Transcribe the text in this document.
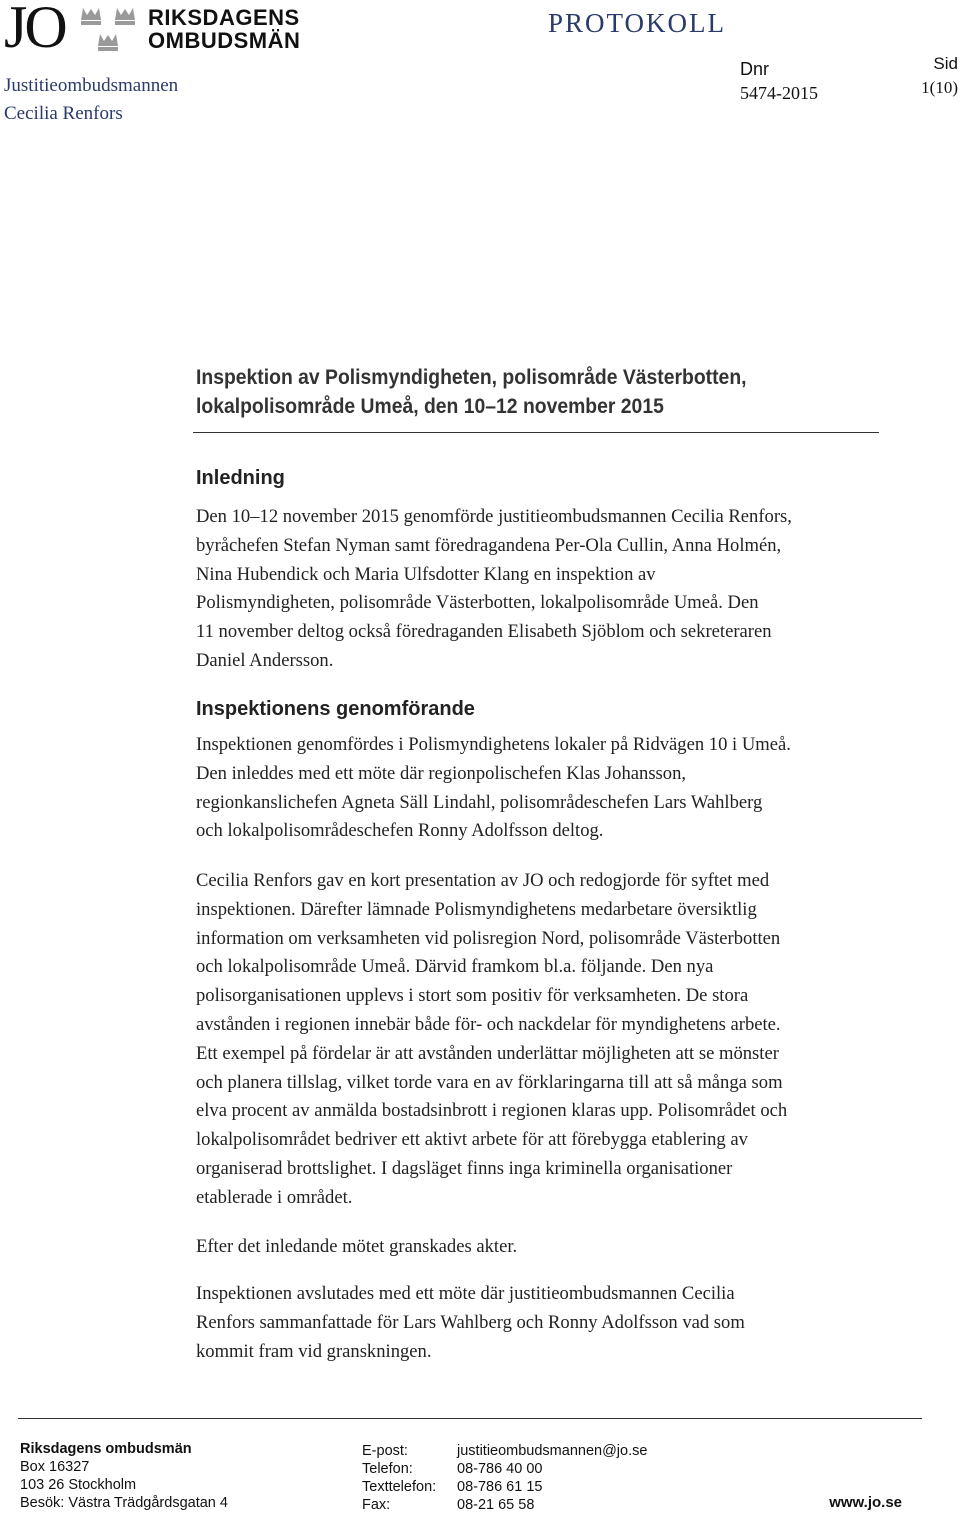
JO	RIKSDAGENS
OMBUDSMÄN
Justitieombudsmannen
Cecilia Renfors
PROTOKOLL
Dnr
5474-2015
Sid
1(10)
Inspektion av Polismyndigheten, polisområde Västerbotten,
lokalpolisområde Umeå, den 10–12 november 2015
Inledning
Den 10–12 november 2015 genomförde justitieombudsmannen Cecilia Renfors,
byråchefen Stefan Nyman samt föredragandena Per-Ola Cullin, Anna Holmén,
Nina Hubendick och Maria Ulfsdotter Klang en inspektion av
Polismyndigheten, polisområde Västerbotten, lokalpolisområde Umeå. Den
11 november deltog också föredraganden Elisabeth Sjöblom och sekreteraren
Daniel Andersson.
Inspektionens genomförande
Inspektionen genomfördes i Polismyndighetens lokaler på Ridvägen 10 i Umeå.
Den inleddes med ett möte där regionpolischefen Klas Johansson,
regionkanslichefen Agneta Säll Lindahl, polisområdeschefen Lars Wahlberg
och lokalpolisområdeschefen Ronny Adolfsson deltog.
Cecilia Renfors gav en kort presentation av JO och redogjorde för syftet med
inspektionen. Därefter lämnade Polismyndighetens medarbetare översiktlig
information om verksamheten vid polisregion Nord, polisområde Västerbotten
och lokalpolisområde Umeå. Därvid framkom bl.a. följande. Den nya
polisorganisationen upplevs i stort som positiv för verksamheten. De stora
avstånden i regionen innebär både för- och nackdelar för myndighetens arbete.
Ett exempel på fördelar är att avstånden underlättar möjligheten att se mönster
och planera tillslag, vilket torde vara en av förklaringarna till att så många som
elva procent av anmälda bostadsinbrott i regionen klaras upp. Polisområdet och
lokalpolisområdet bedriver ett aktivt arbete för att förebygga etablering av
organiserad brottslighet. I dagsläget finns inga kriminella organisationer
etablerade i området.
Efter det inledande mötet granskades akter.
Inspektionen avslutades med ett möte där justitieombudsmannen Cecilia
Renfors sammanfattade för Lars Wahlberg och Ronny Adolfsson vad som
kommit fram vid granskningen.
Riksdagens ombudsmän
Box 16327
103 26 Stockholm
Besök: Västra Trädgårdsgatan 4
E-post:	justitieombudsmannen@jo.se
Telefon:	08-786 40 00
Texttelefon:	08-786 61 15
Fax:	08-21 65 58	www.jo.se
